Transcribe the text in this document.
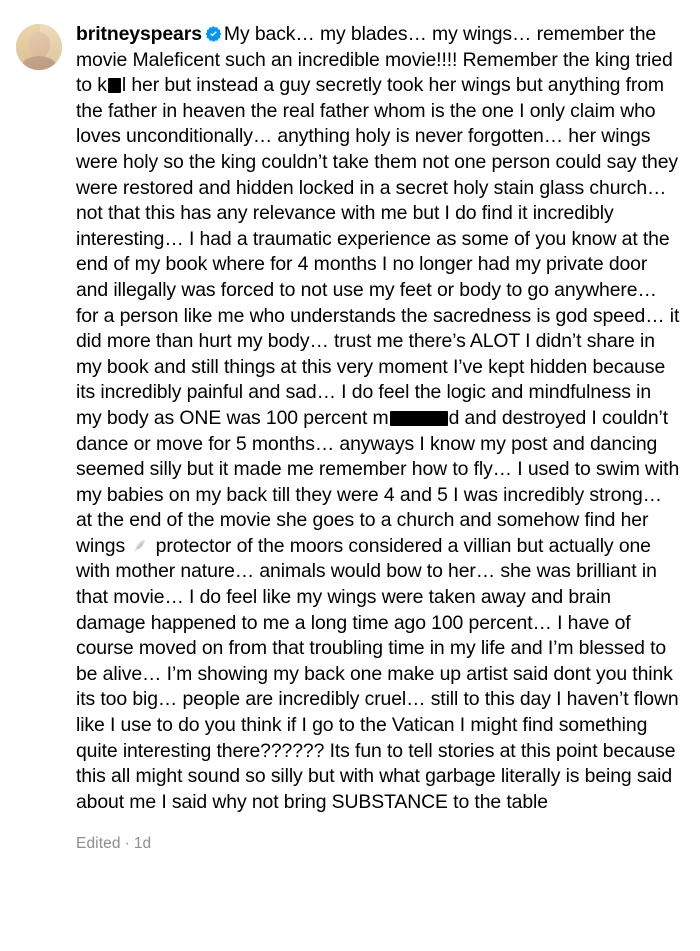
britneyspears My back… my blades… my wings… remember the movie Maleficent such an incredible movie!!!! Remember the king tried to k l her but instead a guy secretly took her wings but anything from the father in heaven the real father whom is the one I only claim who loves unconditionally… anything holy is never forgotten… her wings were holy so the king couldn’t take them not one person could say they were restored and hidden locked in a secret holy stain glass church…not that this has any relevance with me but I do find it incredibly interesting… I had a traumatic experience as some of you know at the end of my book where for 4 months I no longer had my private door and illegally was forced to not use my feet or body to go anywhere… for a person like me who understands the sacredness is god speed… it did more than hurt my body… trust me there’s ALOT I didn’t share in my book and still things at this very moment I’ve kept hidden because its incredibly painful and sad… I do feel the logic and mindfulness in my body as ONE was 100 percent m	d and destroyed I couldn’t dance or move for 5 months… anyways I know my post and dancing seemed silly but it made me remember how to fly… I used to swim with my babies on my back till they were 4 and 5 I was incredibly strong… at the end of the movie she goes to a church and somehow find her wings  protector of the moors considered a villian but actually one with mother nature… animals would bow to her… she was brilliant in that movie… I do feel like my wings were taken away and brain damage happened to me a long time ago 100 percent… I have of course moved on from that troubling time in my life and I’m blessed to be alive… I’m showing my back one make up artist said dont you think its too big… people are incredibly cruel… still to this day I haven’t flown like I use to do you think if I go to the Vatican I might find something quite interesting there?????? Its fun to tell stories at this point because this all might sound so silly but with what garbage literally is being said about me I said why not bring SUBSTANCE to the table
Edited · 1d
